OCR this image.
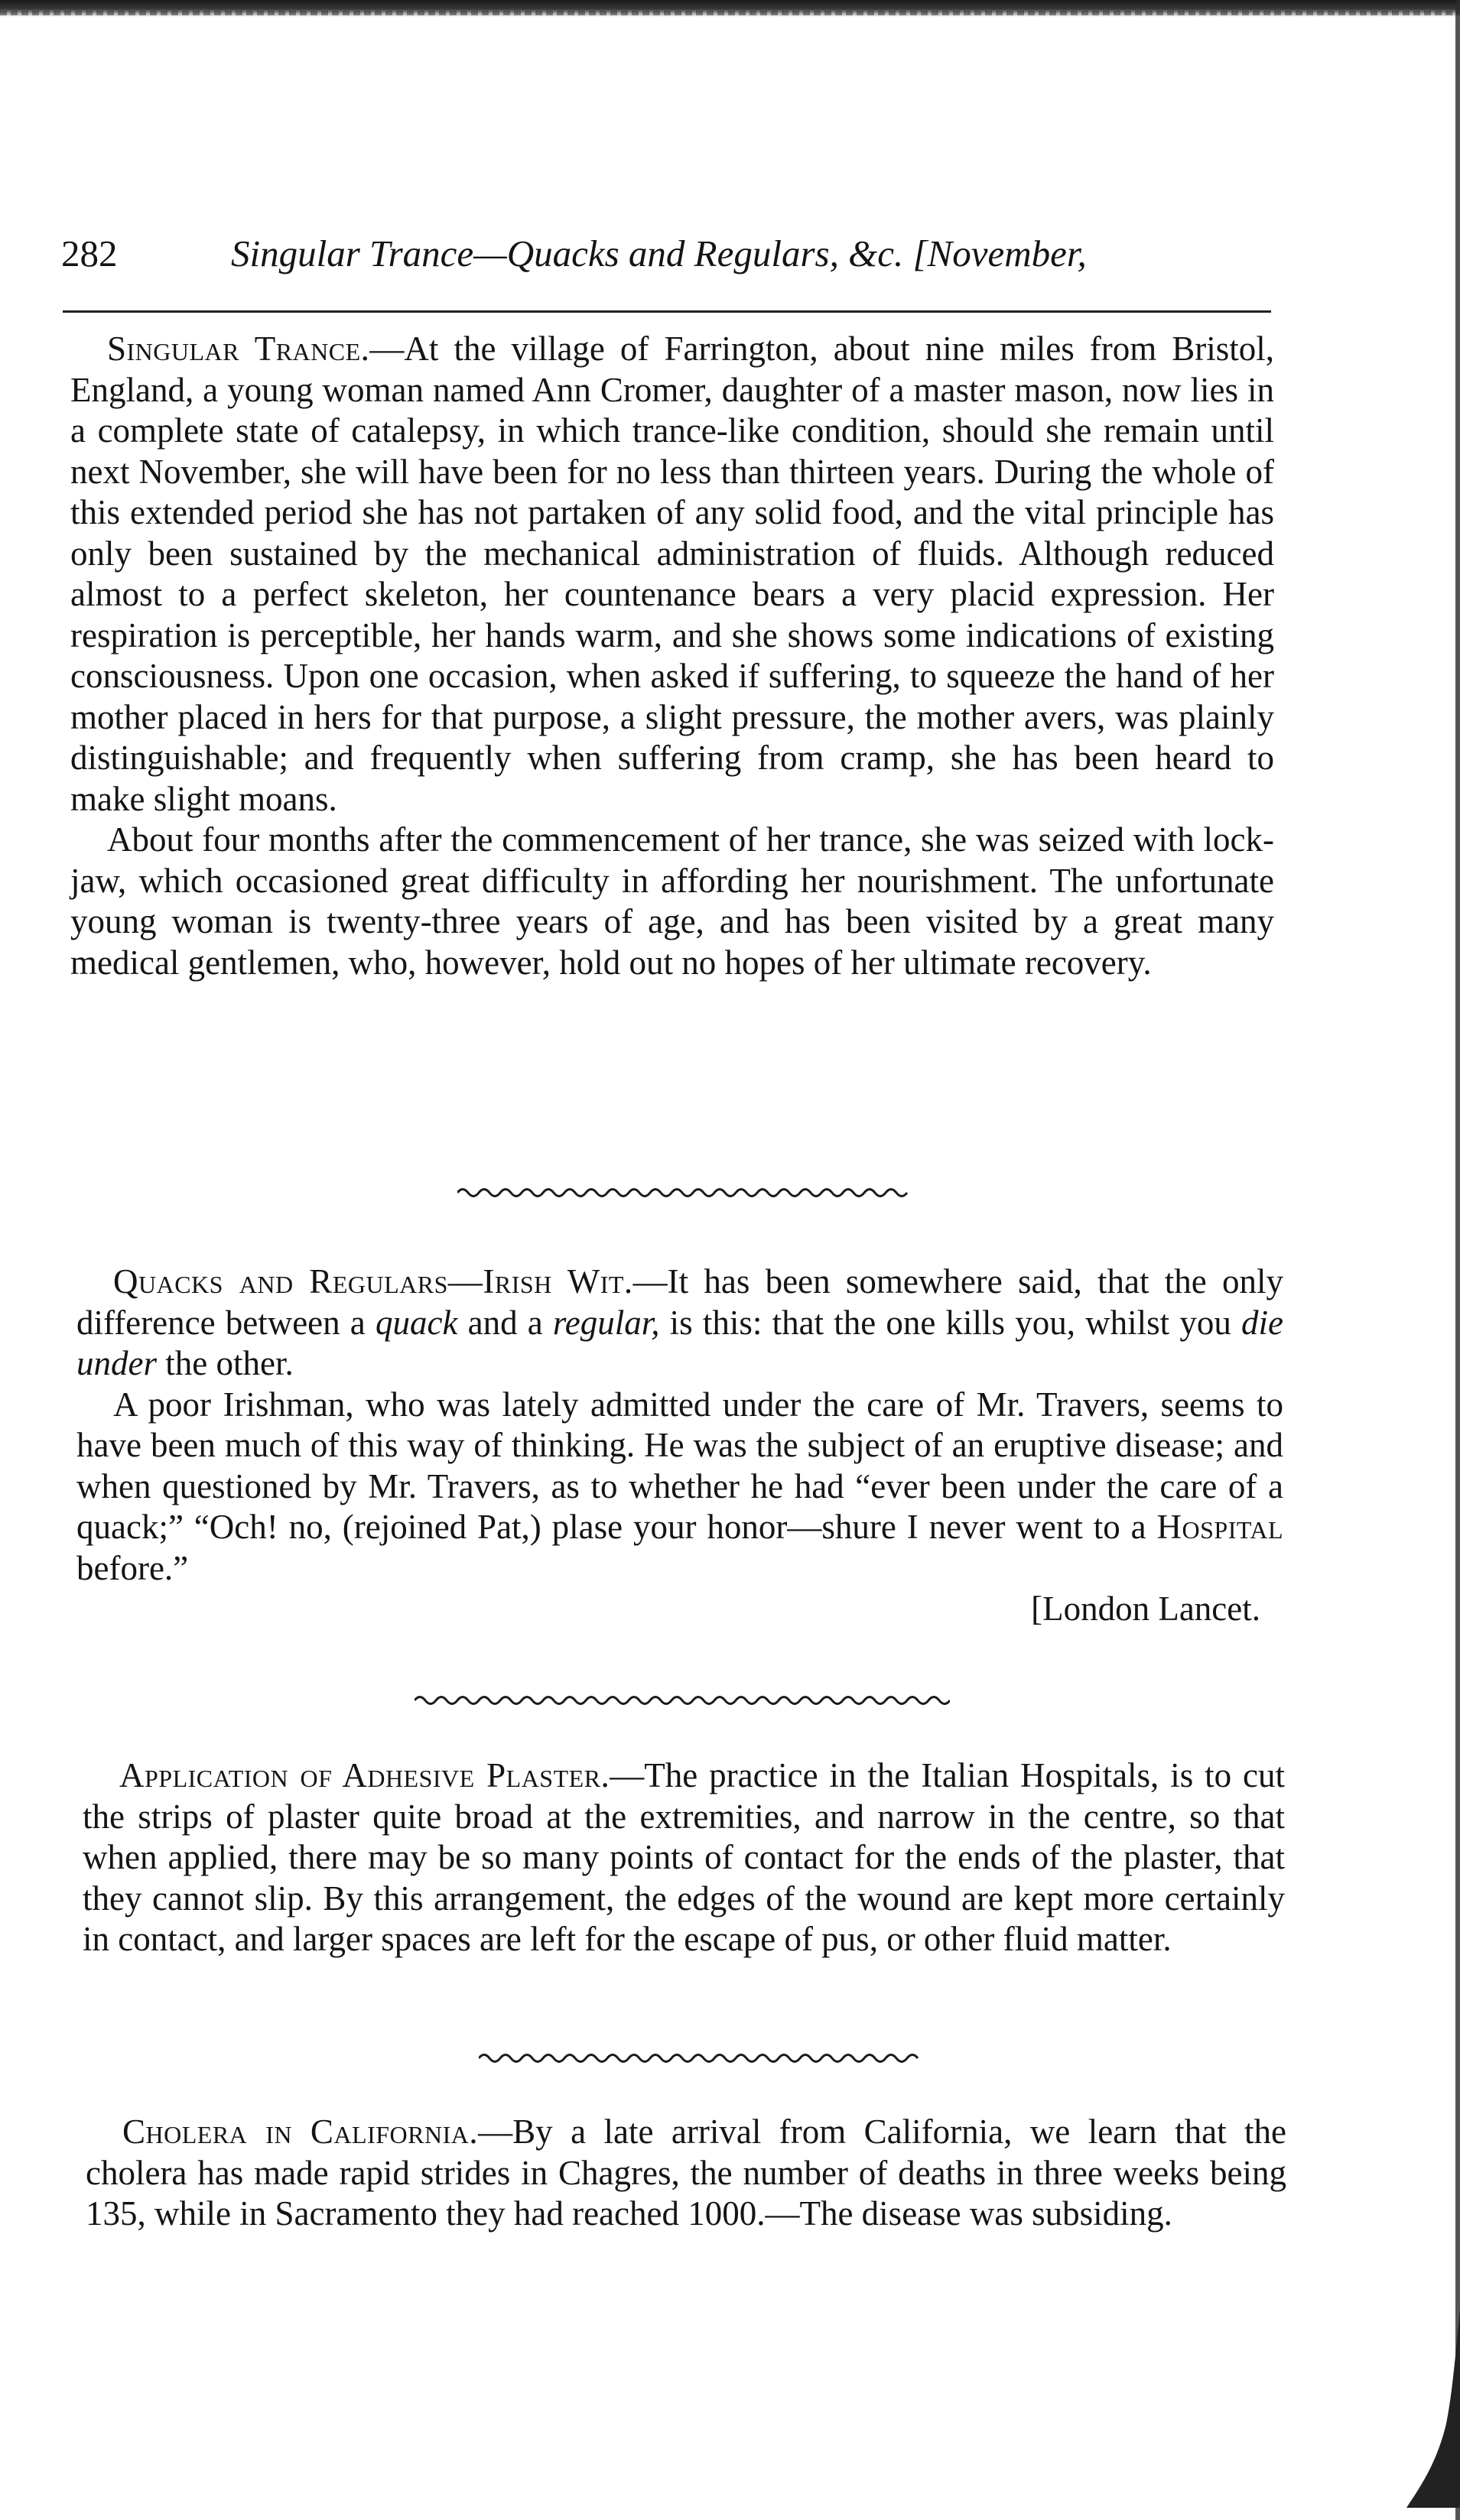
282	Singular Trance—Quacks and Regulars, &c. [November,

Singular Trance.—At the village of Farrington, about nine miles from Bristol, England, a young woman named Ann Cromer, daughter of a master mason, now lies in a complete state of catalepsy, in which trance-like condition, should she remain until next November, she will have been for no less than thirteen years. During the whole of this extended period she has not partaken of any solid food, and the vital principle has only been sustained by the mechanical administration of fluids. Although reduced almost to a perfect skeleton, her countenance bears a very placid expression. Her respiration is perceptible, her hands warm, and she shows some indications of existing consciousness. Upon one occasion, when asked if suffering, to squeeze the hand of her mother placed in hers for that purpose, a slight pressure, the mother avers, was plainly distinguishable; and frequently when suffering from cramp, she has been heard to make slight moans.

About four months after the commencement of her trance, she was seized with lock-jaw, which occasioned great difficulty in affording her nourishment. The unfortunate young woman is twenty-three years of age, and has been visited by a great many medical gentlemen, who, however, hold out no hopes of her ultimate recovery.

Quacks and Regulars—Irish Wit.—It has been somewhere said, that the only difference between a quack and a regular, is this: that the one kills you, whilst you die under the other.

A poor Irishman, who was lately admitted under the care of Mr. Travers, seems to have been much of this way of thinking. He was the subject of an eruptive disease; and when questioned by Mr. Travers, as to whether he had “ever been under the care of a quack;” “Och! no, (rejoined Pat,) plase your honor—shure I never went to a Hospital before.”

[London Lancet.

Application of Adhesive Plaster.—The practice in the Italian Hospitals, is to cut the strips of plaster quite broad at the extremities, and narrow in the centre, so that when applied, there may be so many points of contact for the ends of the plaster, that they cannot slip. By this arrangement, the edges of the wound are kept more certainly in contact, and larger spaces are left for the escape of pus, or other fluid matter.

Cholera in California.—By a late arrival from California, we learn that the cholera has made rapid strides in Chagres, the number of deaths in three weeks being 135, while in Sacramento they had reached 1000.—The disease was subsiding.
